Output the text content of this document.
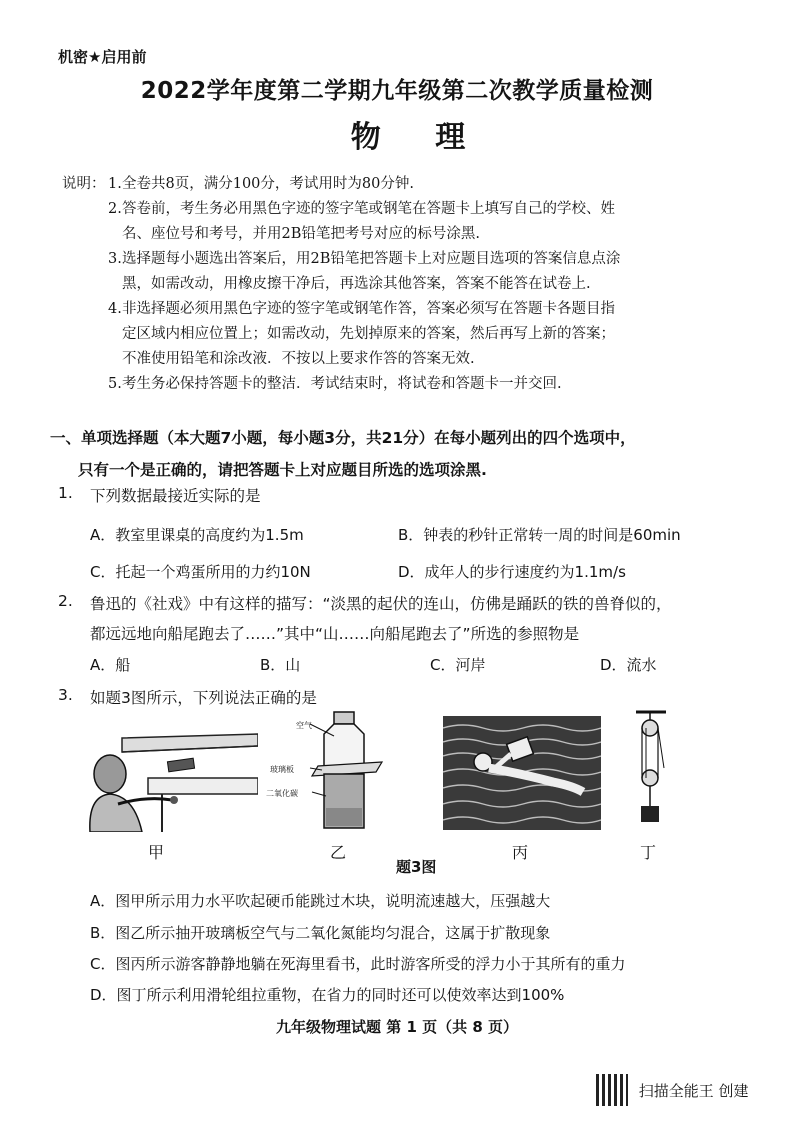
机密★启用前
2022学年度第二学期九年级第二次教学质量检测
物 理
说明： 1. 全卷共8页，满分100分，考试用时为80分钟.
2. 答卷前，考生务必用黑色字迹的签字笔或钢笔在答题卡上填写自己的学校、姓
名、座位号和考号，并用2B铅笔把考号对应的标号涂黑.
3. 选择题每小题选出答案后，用2B铅笔把答题卡上对应题目选项的答案信息点涂
黑，如需改动，用橡皮擦干净后，再选涂其他答案，答案不能答在试卷上.
4. 非选择题必须用黑色字迹的签字笔或钢笔作答，答案必须写在答题卡各题目指
定区域内相应位置上；如需改动，先划掉原来的答案，然后再写上新的答案；
不准使用铅笔和涂改液．不按以上要求作答的答案无效.
5. 考生务必保持答题卡的整洁．考试结束时，将试卷和答题卡一并交回.
一、单项选择题（本大题7小题，每小题3分，共21分）在每小题列出的四个选项中，
只有一个是正确的，请把答题卡上对应题目所选的选项涂黑.
1. 下列数据最接近实际的是
A．教室里课桌的高度约为1.5m	B．钟表的秒针正常转一周的时间是60min
C．托起一个鸡蛋所用的力约10N	D．成年人的步行速度约为1.1m/s
2. 鲁迅的《社戏》中有这样的描写：“淡黑的起伏的连山，仿佛是踊跃的铁的兽脊似的，
都远远地向船尾跑去了……”其中“山……向船尾跑去了”所选的参照物是
A．船	B．山	C．河岸	D．流水
3. 如题3图所示，下列说法正确的是
空气
玻璃板
二氧化碳
甲	乙	丙	丁
题3图
A．图甲所示用力水平吹起硬币能跳过木块，说明流速越大，压强越大
B．图乙所示抽开玻璃板空气与二氧化氮能均匀混合，这属于扩散现象
C．图丙所示游客静静地躺在死海里看书，此时游客所受的浮力小于其所有的重力
D．图丁所示利用滑轮组拉重物，在省力的同时还可以使效率达到100%
九年级物理试题 第 1 页（共 8 页）
扫描全能王 创建
